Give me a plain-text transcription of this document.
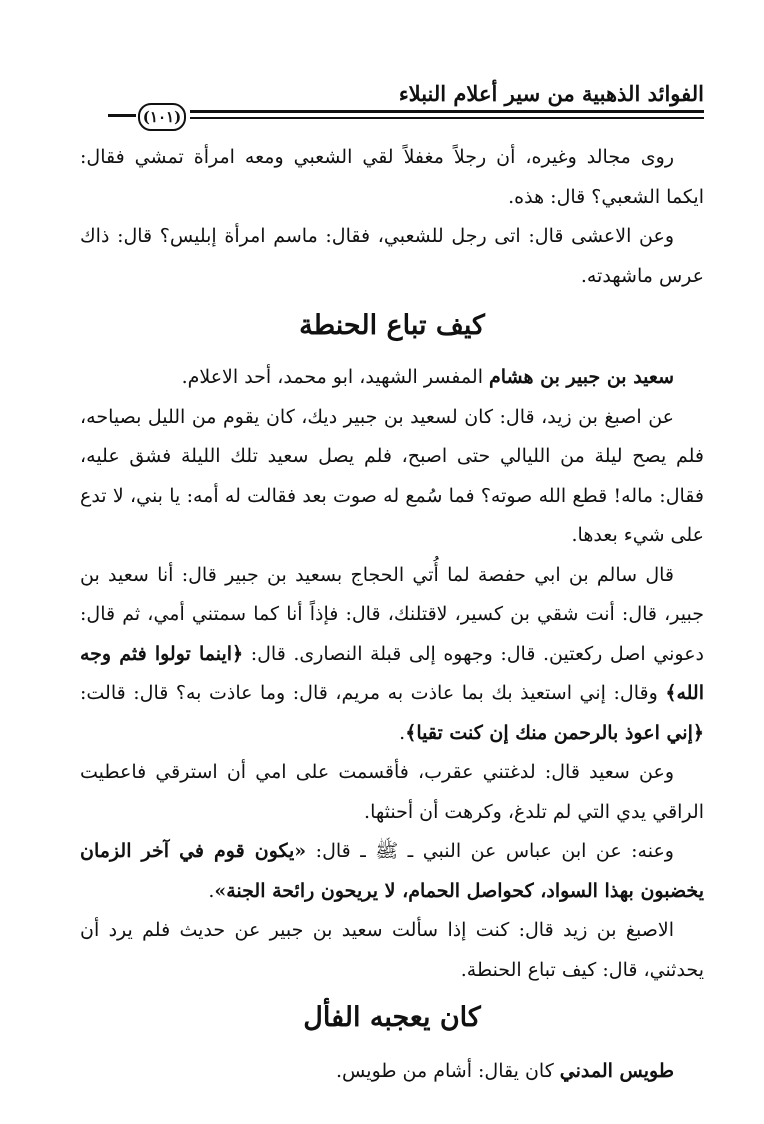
الفوائد الذهبية من سير أعلام النبلاء
(١٠١)

روى مجالد وغيره، أن رجلاً مغفلاً لقي الشعبي ومعه امرأة تمشي فقال: ايكما الشعبي؟ قال: هذه.

وعن الاعشى قال: اتى رجل للشعبي، فقال: ماسم امرأة إبليس؟ قال: ذاك عرس ماشهدته.

كيف تباع الحنطة

سعيد بن جبير بن هشام المفسر الشهيد، ابو محمد، أحد الاعلام.

عن اصبغ بن زيد، قال: كان لسعيد بن جبير ديك، كان يقوم من الليل بصياحه، فلم يصح ليلة من الليالي حتى اصبح، فلم يصل سعيد تلك الليلة فشق عليه، فقال: ماله! قطع الله صوته؟ فما سُمع له صوت بعد فقالت له أمه: يا بني، لا تدع على شيء بعدها.

قال سالم بن ابي حفصة لما أُتي الحجاج بسعيد بن جبير قال: أنا سعيد بن جبير، قال: أنت شقي بن كسير، لاقتلنك، قال: فإذاً أنا كما سمتني أمي، ثم قال: دعوني اصل ركعتين. قال: وجهوه إلى قبلة النصارى. قال: ﴿اينما تولوا فثم وجه الله﴾ وقال: إني استعيذ بك بما عاذت به مريم، قال: وما عاذت به؟ قال: قالت: ﴿إني اعوذ بالرحمن منك إن كنت تقيا﴾.

وعن سعيد قال: لدغتني عقرب، فأقسمت على امي أن استرقي فاعطيت الراقي يدي التي لم تلدغ، وكرهت أن أحنثها.

وعنه: عن ابن عباس عن النبي ـ ﷺ ـ قال: «يكون قوم في آخر الزمان يخضبون بهذا السواد، كحواصل الحمام، لا يريحون رائحة الجنة».

الاصبغ بن زيد قال: كنت إذا سألت سعيد بن جبير عن حديث فلم يرد أن يحدثني، قال: كيف تباع الحنطة.

كان يعجبه الفأل

طويس المدني كان يقال: أشام من طويس.
